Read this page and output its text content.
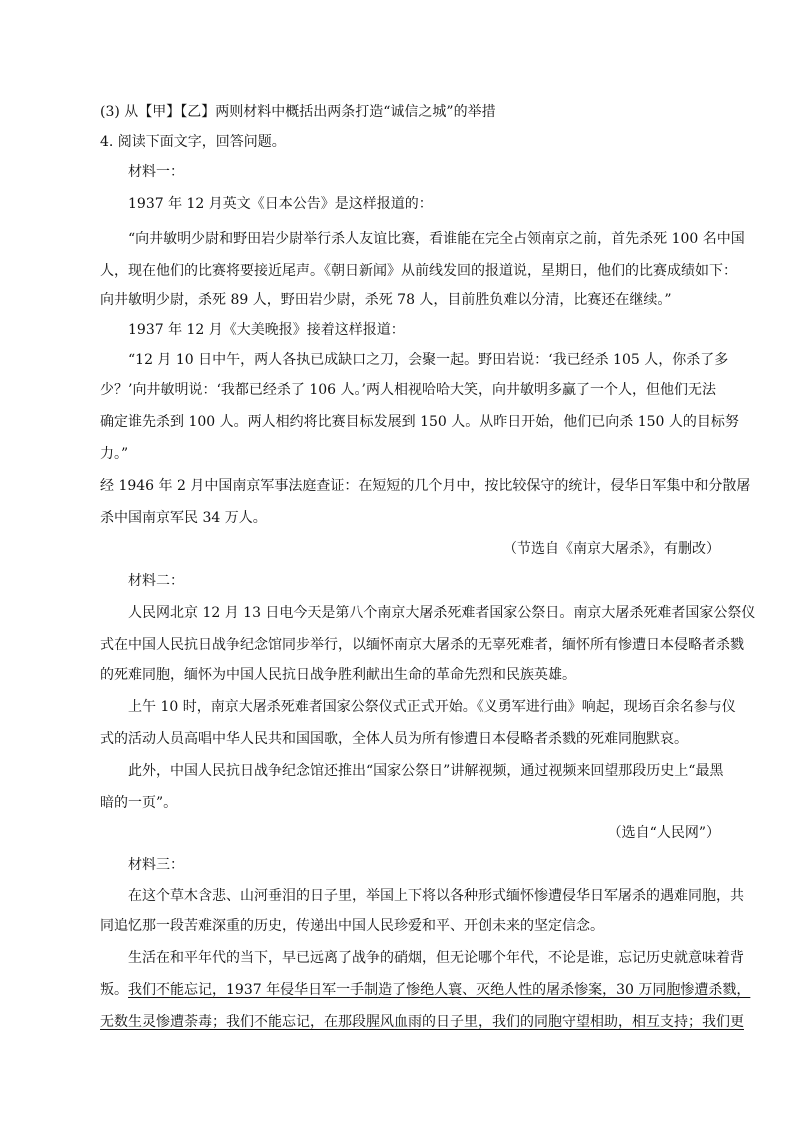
(3) 从【甲】【乙】两则材料中概括出两条打造“诚信之城”的举措
4. 阅读下面文字，回答问题。
材料一：
1937 年 12 月英文《日本公告》是这样报道的：
“向井敏明少尉和野田岩少尉举行杀人友谊比赛，看谁能在完全占领南京之前，首先杀死 100 名中国
人，现在他们的比赛将要接近尾声。《朝日新闻》从前线发回的报道说，星期日，他们的比赛成绩如下：
向井敏明少尉，杀死 89 人，野田岩少尉，杀死 78 人，目前胜负难以分清，比赛还在继续。”
1937 年 12 月《大美晚报》接着这样报道：
“12 月 10 日中午，两人各执已成缺口之刀，会聚一起。野田岩说：‘我已经杀 105 人，你杀了多
少？’向井敏明说：‘我都已经杀了 106 人。’两人相视哈哈大笑，向井敏明多赢了一个人，但他们无法
确定谁先杀到 100 人。两人相约将比赛目标发展到 150 人。从昨日开始，他们已向杀 150 人的目标努
力。”
经 1946 年 2 月中国南京军事法庭查证：在短短的几个月中，按比较保守的统计，侵华日军集中和分散屠
杀中国南京军民 34 万人。
（节选自《南京大屠杀》，有删改）
材料二：
人民网北京 12 月 13 日电今天是第八个南京大屠杀死难者国家公祭日。南京大屠杀死难者国家公祭仪
式在中国人民抗日战争纪念馆同步举行，以缅怀南京大屠杀的无辜死难者，缅怀所有惨遭日本侵略者杀戮
的死难同胞，缅怀为中国人民抗日战争胜利献出生命的革命先烈和民族英雄。
上午 10 时，南京大屠杀死难者国家公祭仪式正式开始。《义勇军进行曲》响起，现场百余名参与仪
式的活动人员高唱中华人民共和国国歌，全体人员为所有惨遭日本侵略者杀戮的死难同胞默哀。
此外，中国人民抗日战争纪念馆还推出“国家公祭日”讲解视频，通过视频来回望那段历史上“最黑
暗的一页”。
（选自“人民网”）
材料三：
在这个草木含悲、山河垂泪的日子里，举国上下将以各种形式缅怀惨遭侵华日军屠杀的遇难同胞，共
同追忆那一段苦难深重的历史，传递出中国人民珍爱和平、开创未来的坚定信念。
生活在和平年代的当下，早已远离了战争的硝烟，但无论哪个年代，不论是谁，忘记历史就意味着背
叛。我们不能忘记，1937 年侵华日军一手制造了惨绝人寰、灭绝人性的屠杀惨案，30 万同胞惨遭杀戮，
无数生灵惨遭荼毒；我们不能忘记，在那段腥风血雨的日子里，我们的同胞守望相助，相互支持；我们更
